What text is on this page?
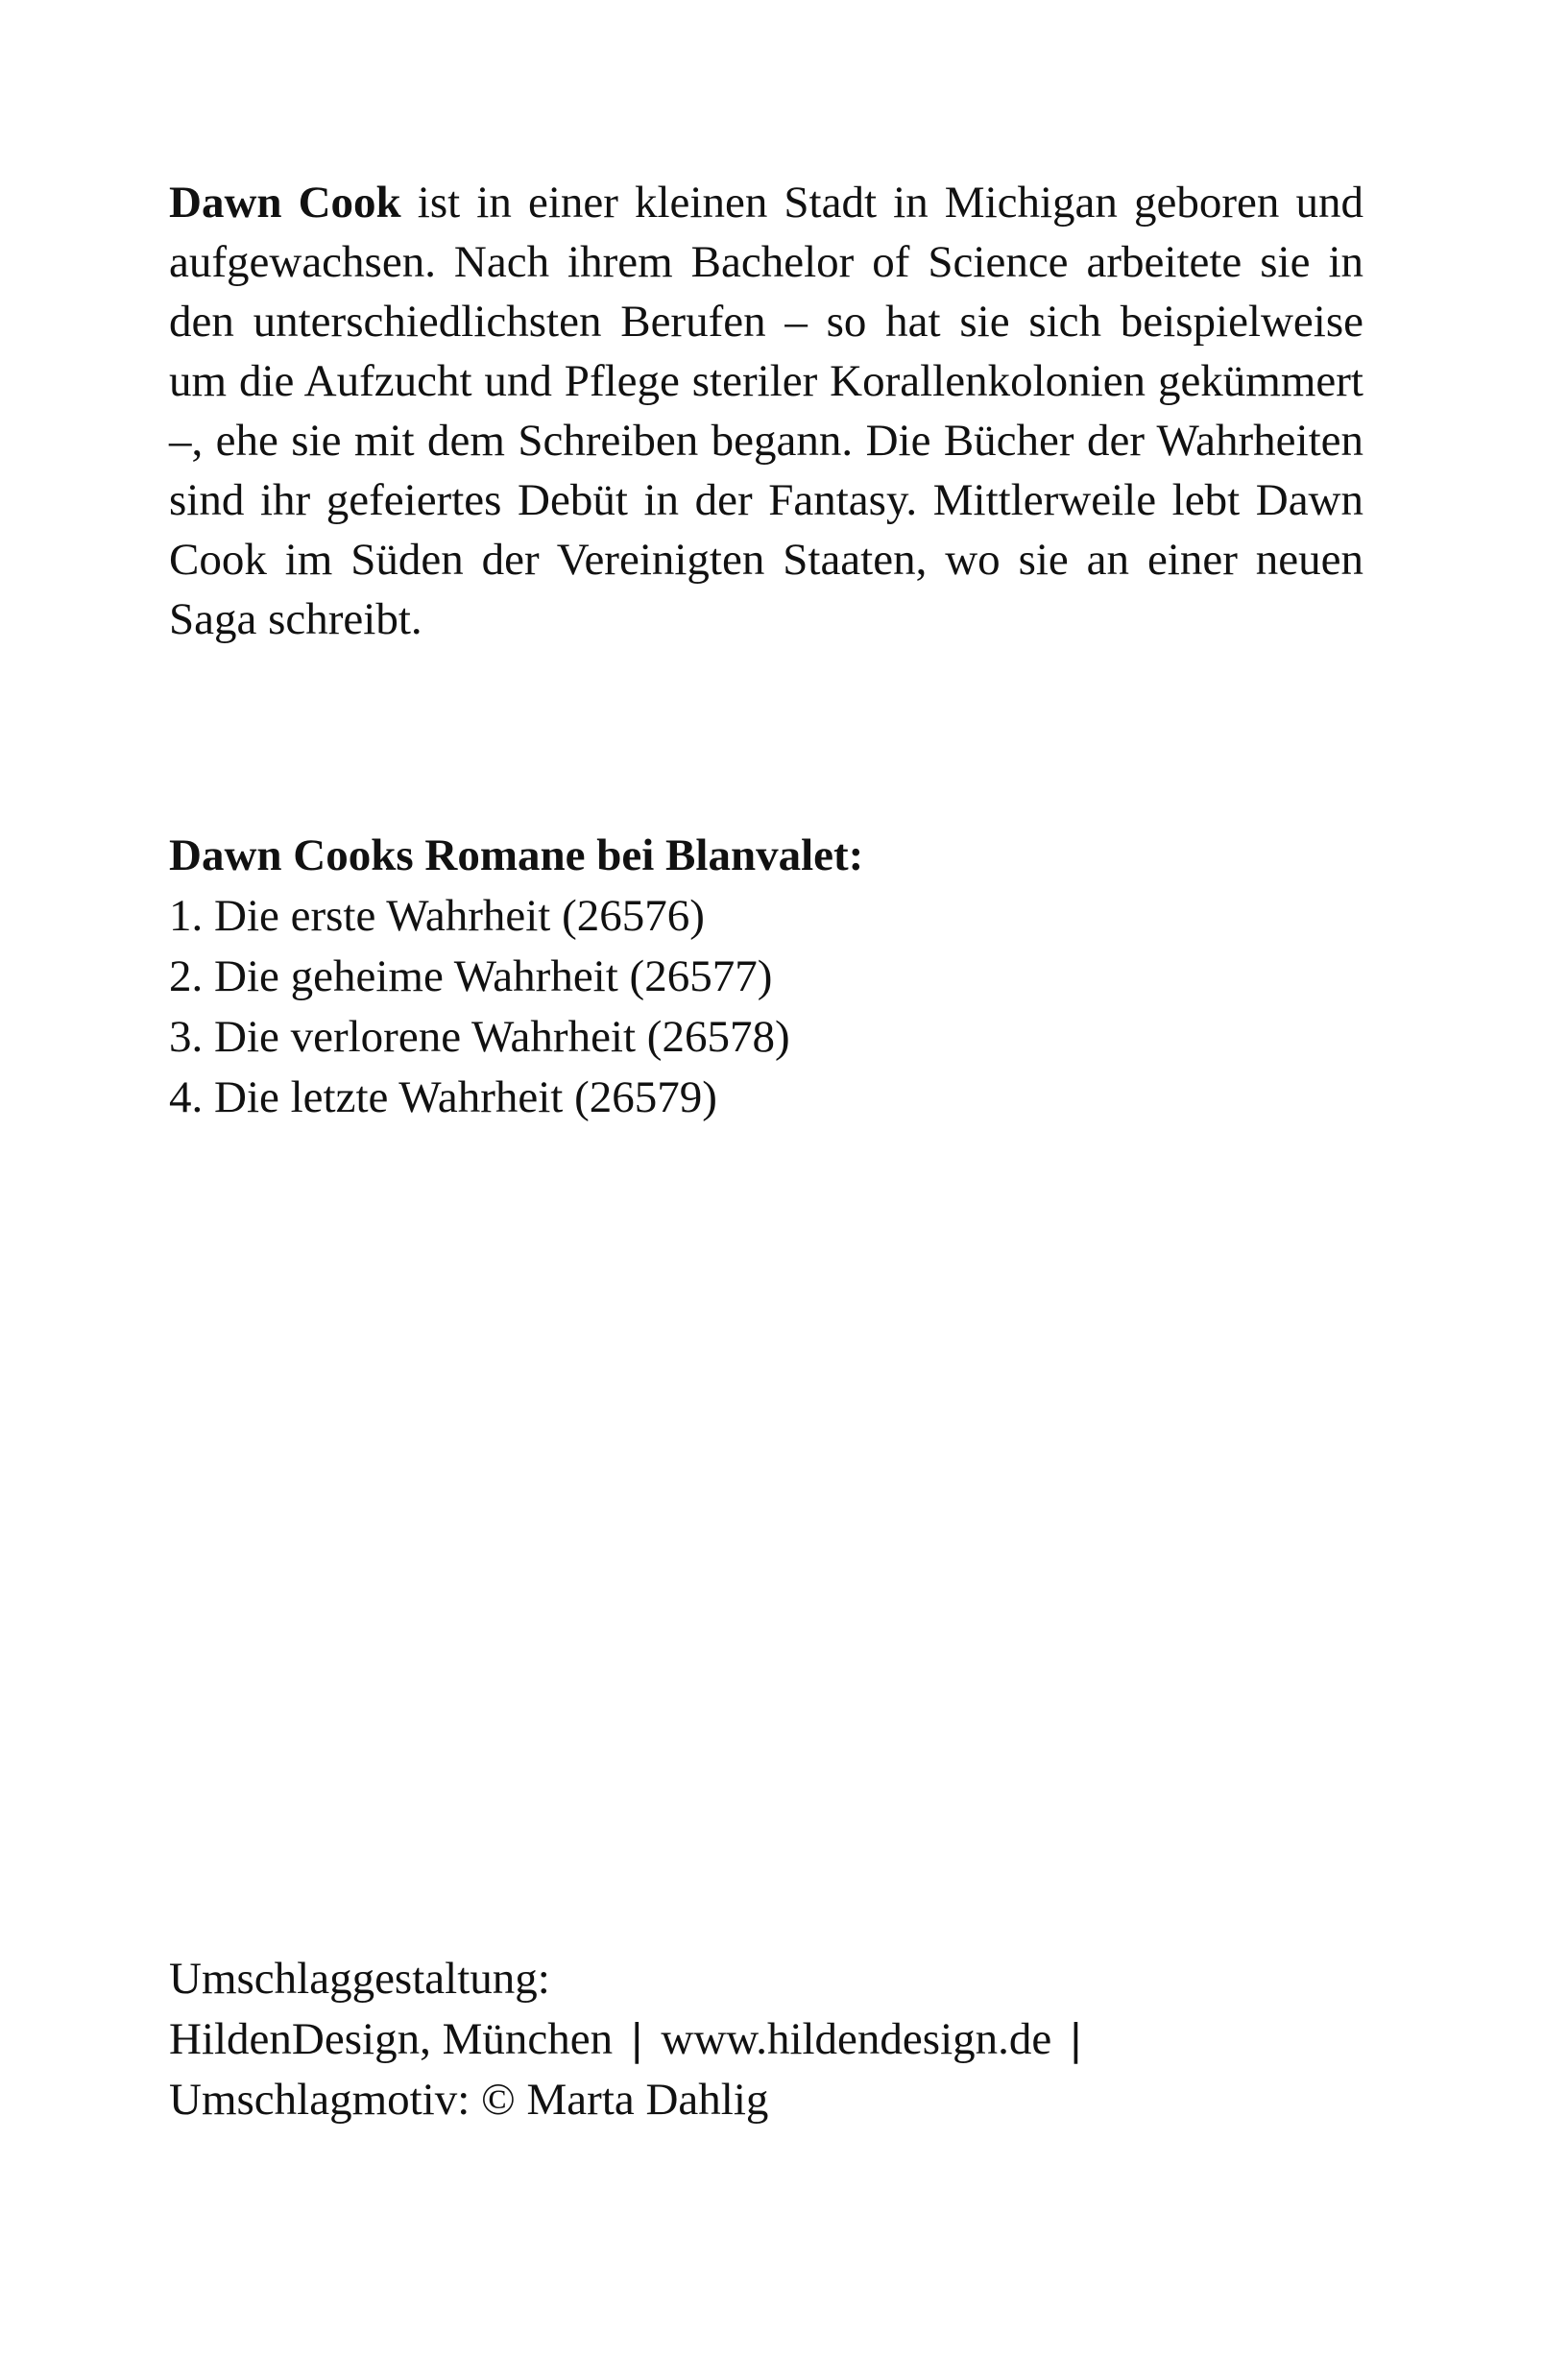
Dawn Cook ist in einer kleinen Stadt in Michigan geboren und aufgewachsen. Nach ihrem Bachelor of Science arbeitete sie in den unterschiedlichsten Berufen – so hat sie sich beispielweise um die Aufzucht und Pflege steriler Korallenkolonien gekümmert –, ehe sie mit dem Schreiben begann. Die Bücher der Wahrheiten sind ihr gefeiertes Debüt in der Fantasy. Mittlerweile lebt Dawn Cook im Süden der Vereinigten Staaten, wo sie an einer neuen Saga schreibt.

Dawn Cooks Romane bei Blanvalet:

1. Die erste Wahrheit (26576)
2. Die geheime Wahrheit (26577)
3. Die verlorene Wahrheit (26578)
4. Die letzte Wahrheit (26579)
Umschlaggestaltung:
HildenDesign, München | www.hildendesign.de |
Umschlagmotiv: © Marta Dahlig
